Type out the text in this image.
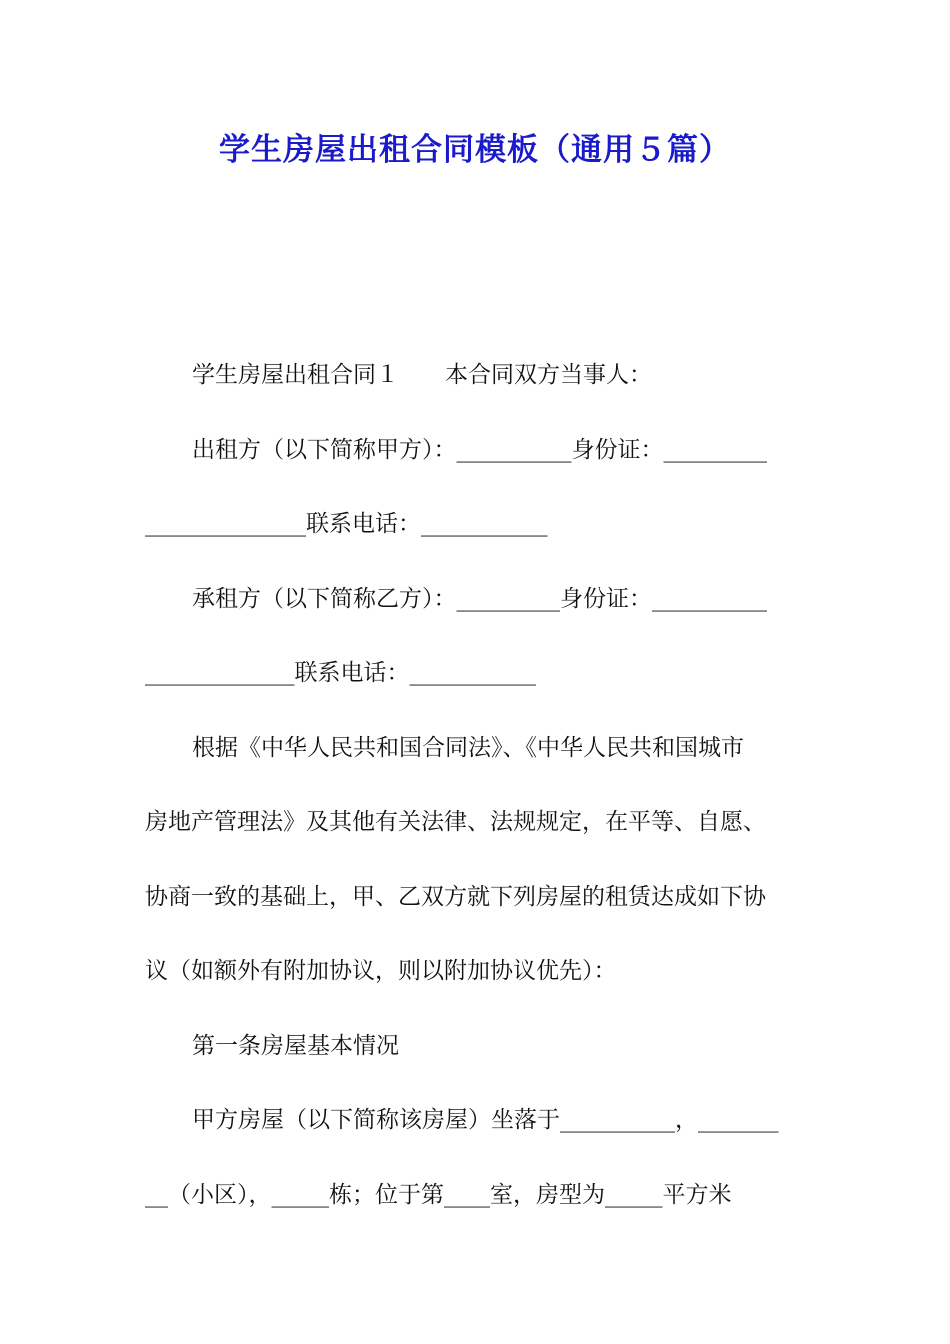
学生房屋出租合同模板（通用５篇）
学生房屋出租合同１　　本合同双方当事人：
出租方（以下简称甲方）：__________身份证：_________
______________联系电话：___________
承租方（以下简称乙方）：_________身份证：__________
_____________联系电话：___________
根据《中华人民共和国合同法》、《中华人民共和国城市
房地产管理法》及其他有关法律、法规规定，在平等、自愿、
协商一致的基础上，甲、乙双方就下列房屋的租赁达成如下协
议（如额外有附加协议，则以附加协议优先）：
第一条房屋基本情况
甲方房屋（以下简称该房屋）坐落于__________，_______
__（小区），_____栋；位于第____室，房型为_____平方米
